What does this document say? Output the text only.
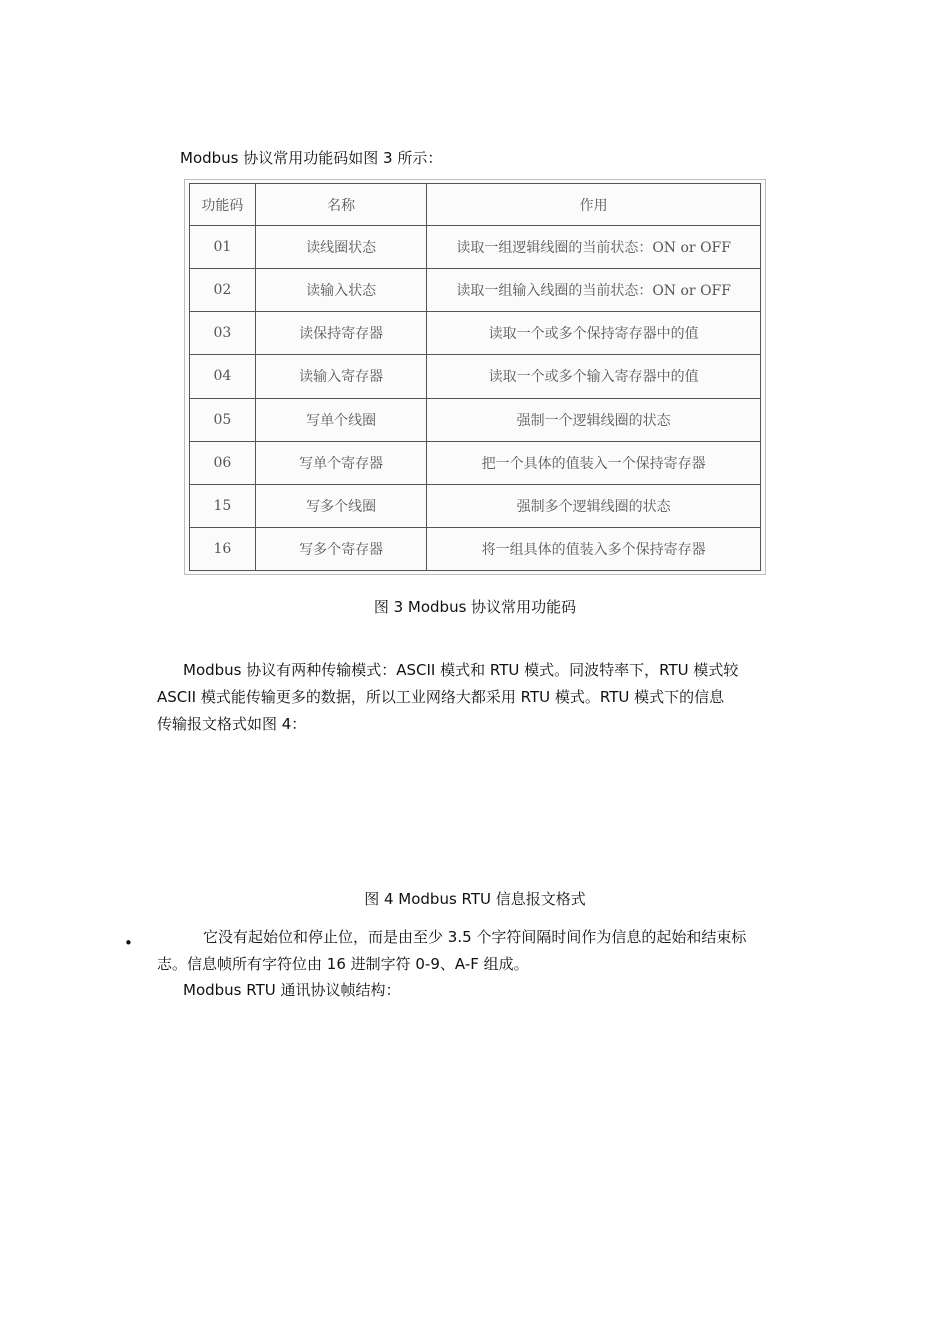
Modbus 协议常用功能码如图 3 所示：
功能码	名称	作用
01	读线圈状态	读取一组逻辑线圈的当前状态：ON or OFF
02	读输入状态	读取一组输入线圈的当前状态：ON or OFF
03	读保持寄存器	读取一个或多个保持寄存器中的值
04	读输入寄存器	读取一个或多个输入寄存器中的值
05	写单个线圈	强制一个逻辑线圈的状态
06	写单个寄存器	把一个具体的值装入一个保持寄存器
15	写多个线圈	强制多个逻辑线圈的状态
16	写多个寄存器	将一组具体的值装入多个保持寄存器
图 3 Modbus 协议常用功能码
Modbus 协议有两种传输模式：ASCII 模式和 RTU 模式。同波特率下，RTU 模式较
ASCII 模式能传输更多的数据，所以工业网络大都采用 RTU 模式。RTU 模式下的信息
传输报文格式如图 4：
图 4 Modbus RTU 信息报文格式
•	它没有起始位和停止位，而是由至少 3.5 个字符间隔时间作为信息的起始和结束标
志。信息帧所有字符位由 16 进制字符 0-9、A-F 组成。
Modbus RTU 通讯协议帧结构：
